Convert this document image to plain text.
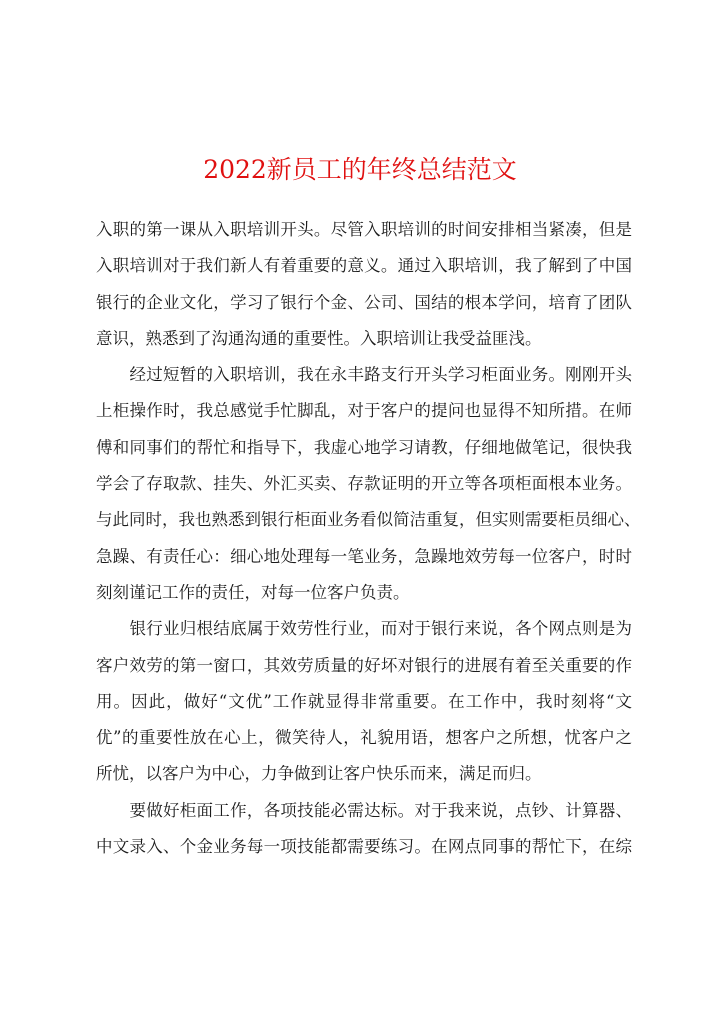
2022新员工的年终总结范文
入职的第一课从入职培训开头。尽管入职培训的时间安排相当紧凑，但是
入职培训对于我们新人有着重要的意义。通过入职培训，我了解到了中国
银行的企业文化，学习了银行个金、公司、国结的根本学问，培育了团队
意识，熟悉到了沟通沟通的重要性。入职培训让我受益匪浅。
　　经过短暂的入职培训，我在永丰路支行开头学习柜面业务。刚刚开头
上柜操作时，我总感觉手忙脚乱，对于客户的提问也显得不知所措。在师
傅和同事们的帮忙和指导下，我虚心地学习请教，仔细地做笔记，很快我
学会了存取款、挂失、外汇买卖、存款证明的开立等各项柜面根本业务。
与此同时，我也熟悉到银行柜面业务看似简洁重复，但实则需要柜员细心、
急躁、有责任心：细心地处理每一笔业务，急躁地效劳每一位客户，时时
刻刻谨记工作的责任，对每一位客户负责。
　　银行业归根结底属于效劳性行业，而对于银行来说，各个网点则是为
客户效劳的第一窗口，其效劳质量的好坏对银行的进展有着至关重要的作
用。因此，做好“文优”工作就显得非常重要。在工作中，我时刻将“文
优”的重要性放在心上，微笑待人，礼貌用语，想客户之所想，忧客户之
所忧，以客户为中心，力争做到让客户快乐而来，满足而归。
　　要做好柜面工作，各项技能必需达标。对于我来说，点钞、计算器、
中文录入、个金业务每一项技能都需要练习。在网点同事的帮忙下，在综
